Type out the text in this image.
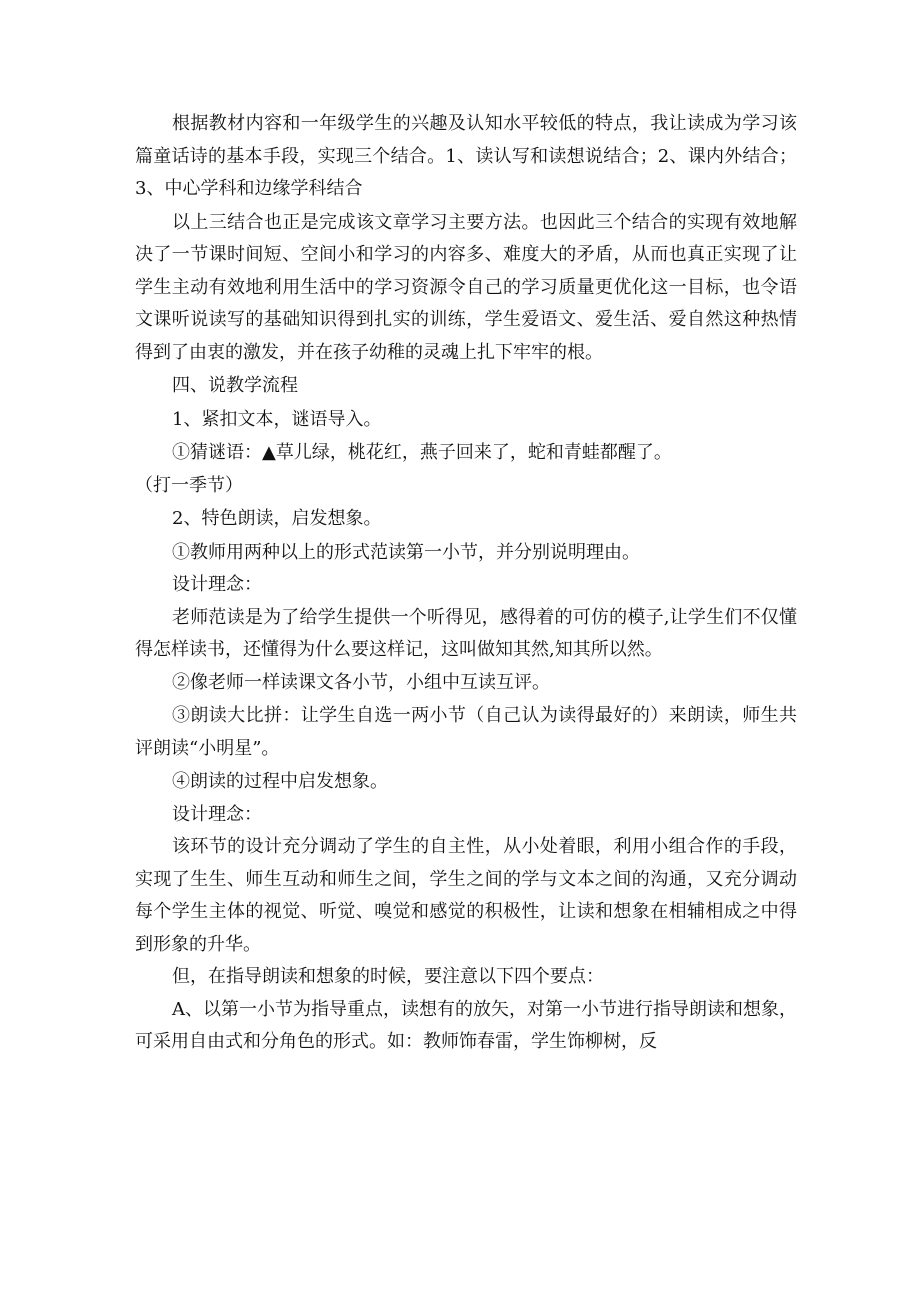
根据教材内容和一年级学生的兴趣及认知水平较低的特点，我让读成为学习该篇童话诗的基本手段，实现三个结合。1、读认写和读想说结合；2、课内外结合；3、中心学科和边缘学科结合

以上三结合也正是完成该文章学习主要方法。也因此三个结合的实现有效地解决了一节课时间短、空间小和学习的内容多、难度大的矛盾，从而也真正实现了让学生主动有效地利用生活中的学习资源令自己的学习质量更优化这一目标，也令语文课听说读写的基础知识得到扎实的训练，学生爱语文、爱生活、爱自然这种热情得到了由衷的激发，并在孩子幼稚的灵魂上扎下牢牢的根。

四、说教学流程

1、紧扣文本，谜语导入。

①猜谜语：▲草儿绿，桃花红，燕子回来了，蛇和青蛙都醒了。

（打一季节）

2、特色朗读，启发想象。

①教师用两种以上的形式范读第一小节，并分别说明理由。

设计理念：

老师范读是为了给学生提供一个听得见，感得着的可仿的模子,让学生们不仅懂得怎样读书，还懂得为什么要这样记，这叫做知其然,知其所以然。

②像老师一样读课文各小节，小组中互读互评。

③朗读大比拼：让学生自选一两小节（自己认为读得最好的）来朗读，师生共评朗读“小明星”。

④朗读的过程中启发想象。

设计理念：

该环节的设计充分调动了学生的自主性，从小处着眼，利用小组合作的手段，实现了生生、师生互动和师生之间，学生之间的学与文本之间的沟通，又充分调动每个学生主体的视觉、听觉、嗅觉和感觉的积极性，让读和想象在相辅相成之中得到形象的升华。

但，在指导朗读和想象的时候，要注意以下四个要点：

A、以第一小节为指导重点，读想有的放矢，对第一小节进行指导朗读和想象，可采用自由式和分角色的形式。如：教师饰春雷，学生饰柳树，反
